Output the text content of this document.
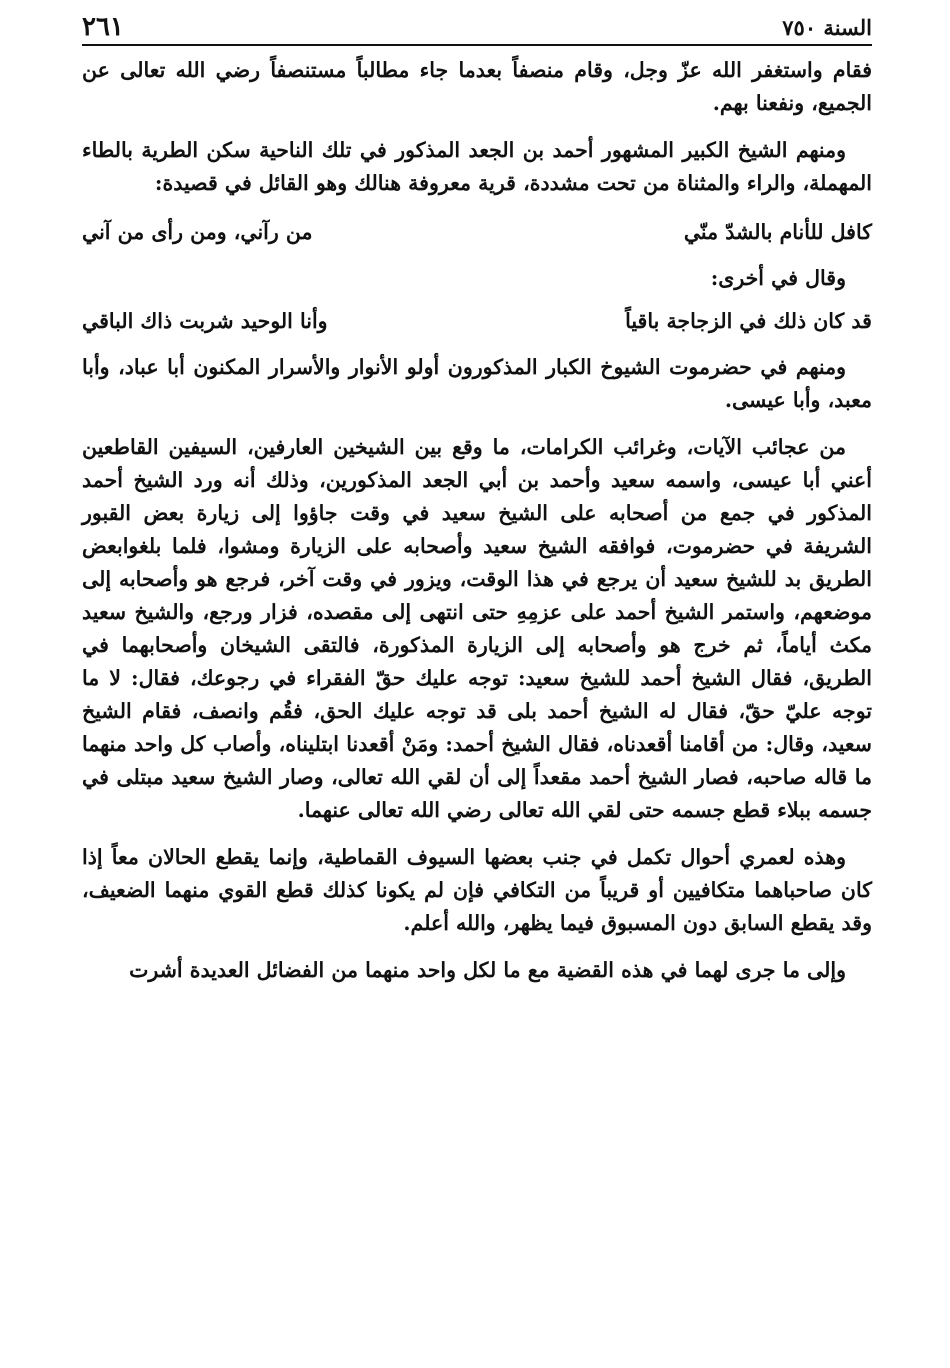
السنة ٧٥٠
٢٦١

فقام واستغفر الله عزّ وجل، وقام منصفاً بعدما جاء مطالباً مستنصفاً رضي الله تعالى عن الجميع، ونفعنا بهم.

ومنهم الشيخ الكبير المشهور أحمد بن الجعد المذكور في تلك الناحية سكن الطرية بالطاء المهملة، والراء والمثناة من تحت مشددة، قرية معروفة هنالك وهو القائل في قصيدة:

كافل للأنام بالشدّ منّي
من رآني، ومن رأى من آني

وقال في أخرى:

قد كان ذلك في الزجاجة باقياً
وأنا الوحيد شربت ذاك الباقي

ومنهم في حضرموت الشيوخ الكبار المذكورون أولو الأنوار والأسرار المكنون أبا عباد، وأبا معبد، وأبا عيسى.

من عجائب الآيات، وغرائب الكرامات، ما وقع بين الشيخين العارفين، السيفين القاطعين أعني أبا عيسى، واسمه سعيد وأحمد بن أبي الجعد المذكورين، وذلك أنه ورد الشيخ أحمد المذكور في جمع من أصحابه على الشيخ سعيد في وقت جاؤوا إلى زيارة بعض القبور الشريفة في حضرموت، فوافقه الشيخ سعيد وأصحابه على الزيارة ومشوا، فلما بلغوابعض الطريق بد للشيخ سعيد أن يرجع في هذا الوقت، ويزور في وقت آخر، فرجع هو وأصحابه إلى موضعهم، واستمر الشيخ أحمد على عزمِهِ حتى انتهى إلى مقصده، فزار ورجع، والشيخ سعيد مكث أياماً، ثم خرج هو وأصحابه إلى الزيارة المذكورة، فالتقى الشيخان وأصحابهما في الطريق، فقال الشيخ أحمد للشيخ سعيد: توجه عليك حقّ الفقراء في رجوعك، فقال: لا ما توجه عليّ حقّ، فقال له الشيخ أحمد بلى قد توجه عليك الحق، فقُم وانصف، فقام الشيخ سعيد، وقال: من أقامنا أقعدناه، فقال الشيخ أحمد: ومَنْ أقعدنا ابتليناه، وأصاب كل واحد منهما ما قاله صاحبه، فصار الشيخ أحمد مقعداً إلى أن لقي الله تعالى، وصار الشيخ سعيد مبتلى في جسمه ببلاء قطع جسمه حتى لقي الله تعالى رضي الله تعالى عنهما.

وهذه لعمري أحوال تكمل في جنب بعضها السيوف القماطية، وإنما يقطع الحالان معاً إذا كان صاحباهما متكافيين أو قريباً من التكافي فإن لم يكونا كذلك قطع القوي منهما الضعيف، وقد يقطع السابق دون المسبوق فيما يظهر، والله أعلم.

وإلى ما جرى لهما في هذه القضية مع ما لكل واحد منهما من الفضائل العديدة أشرت
